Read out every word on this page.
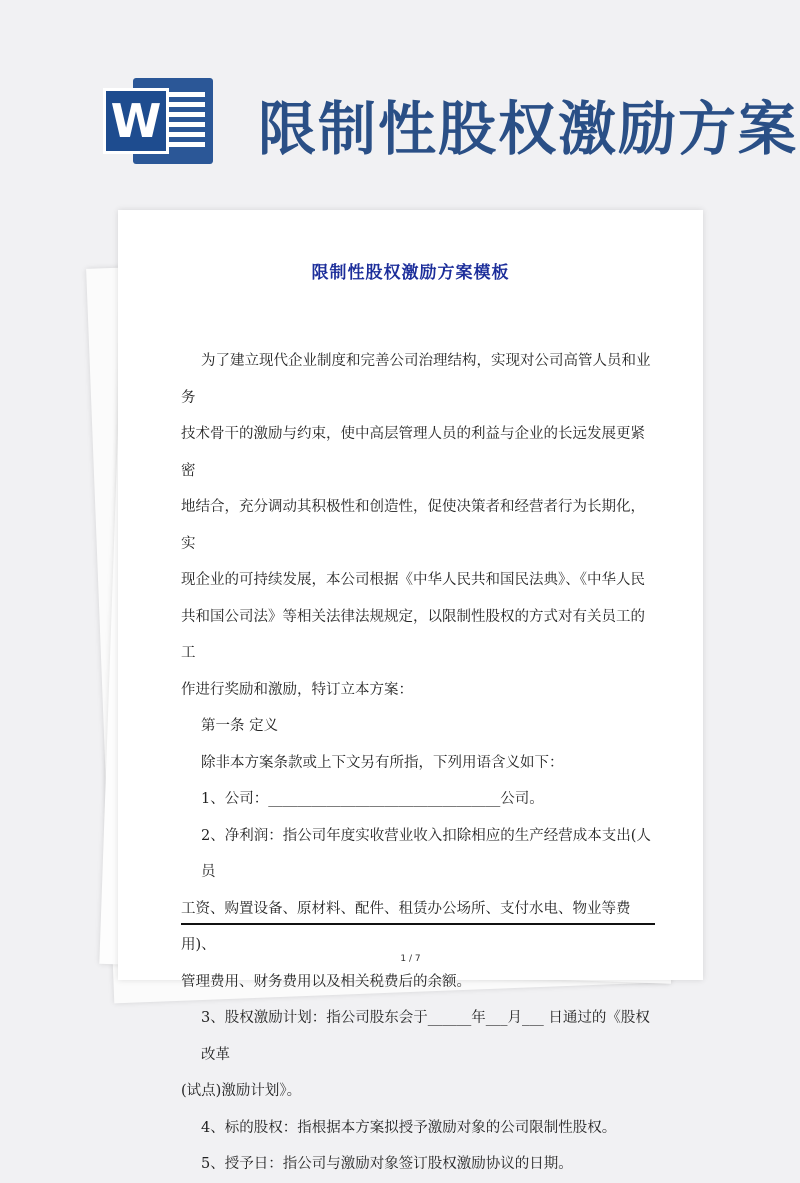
W 限制性股权激励方案
限制性股权激励方案模板

为了建立现代企业制度和完善公司治理结构，实现对公司高管人员和业务

技术骨干的激励与约束，使中高层管理人员的利益与企业的长远发展更紧密

地结合，充分调动其积极性和创造性，促使决策者和经营者行为长期化，实

现企业的可持续发展，本公司根据《中华人民共和国民法典》、《中华人民

共和国公司法》等相关法律法规规定，以限制性股权的方式对有关员工的工

作进行奖励和激励，特订立本方案：

第一条 定义

除非本方案条款或上下文另有所指，下列用语含义如下：

1、公司：________________________________公司。

2、净利润：指公司年度实收营业收入扣除相应的生产经营成本支出(人员

工资、购置设备、原材料、配件、租赁办公场所、支付水电、物业等费用)、

管理费用、财务费用以及相关税费后的余额。

3、股权激励计划：指公司股东会于______年___月___ 日通过的《股权改革

(试点)激励计划》。

4、标的股权：指根据本方案拟授予激励对象的公司限制性股权。

5、授予日：指公司与激励对象签订股权激励协议的日期。

1 / 7
